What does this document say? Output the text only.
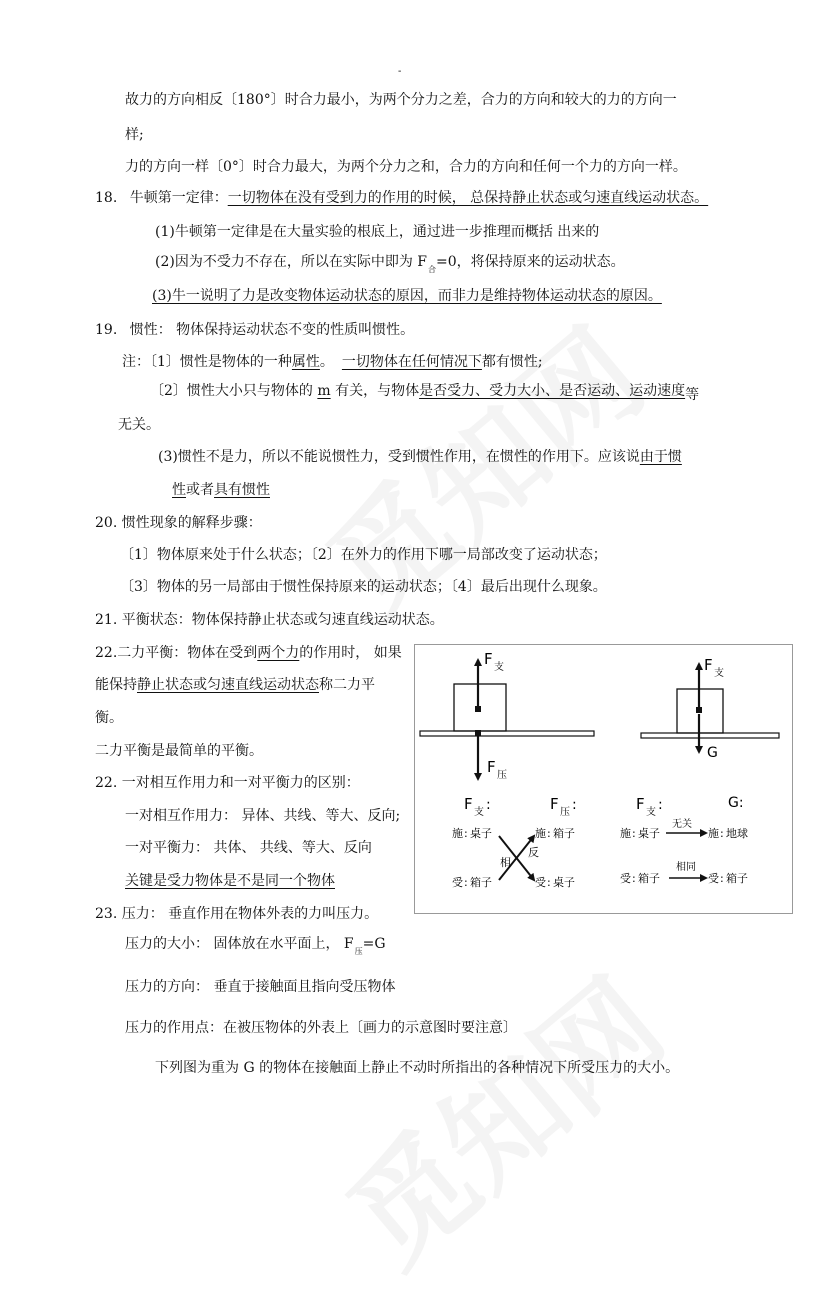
-
故力的方向相反〔180°〕时合力最小，为两个分力之差，合力的方向和较大的力的方向一
样;
力的方向一样〔0°〕时合力最大，为两个分力之和，合力的方向和任何一个力的方向一样。
18. 牛顿第一定律：一切物体在没有受到力的作用的时候， 总保持静止状态或匀速直线运动状态。
(1)牛顿第一定律是在大量实验的根底上，通过进一步推理而概括 出来的
(2)因为不受力不存在，所以在实际中即为 $F_合=0$，将保持原来的运动状态。
(3)牛一说明了力是改变物体运动状态的原因，而非力是维持物体运动状态的原因。
19. 惯性： 物体保持运动状态不变的性质叫惯性。
注：〔1〕惯性是物体的一种属性。 一切物体在任何情况下都有惯性;
〔2〕惯性大小只与物体的 m 有关，与物体是否受力、受力大小、是否运动、运动速度等
无关。
(3)惯性不是力，所以不能说惯性力，受到惯性作用，在惯性的作用下。应该说由于惯
性或者具有惯性
20. 惯性现象的解释步骤：
〔1〕物体原来处于什么状态；〔2〕在外力的作用下哪一局部改变了运动状态；
〔3〕物体的另一局部由于惯性保持原来的运动状态；〔4〕最后出现什么现象。
21. 平衡状态：物体保持静止状态或匀速直线运动状态。
22.二力平衡：物体在受到两个力的作用时， 如果
能保持静止状态或匀速直线运动状态称二力平
衡。
二力平衡是最简单的平衡。
22. 一对相互作用力和一对平衡力的区别：
一对相互作用力： 异体、共线、等大、反向;
一对平衡力： 共体、 共线、等大、反向
关键是受力物体是不是同一个物体
23. 压力： 垂直作用在物体外表的力叫压力。
压力的大小： 固体放在水平面上， $F_压=G$
压力的方向： 垂直于接触面且指向受压物体
压力的作用点：在被压物体的外表上〔画力的示意图时要注意〕
下列图为重为 G 的物体在接触面上静止不动时所指出的各种情况下所受压力的大小。
F 支
F 压
F 支
G
F 支 :	F 压 :
施 : 桌子	施 : 箱子
相
反
受 : 箱子	受 : 桌子
F 支 :	G:
施 : 桌子
无关
施 : 地球
受 : 箱子
相同
受 : 箱子
